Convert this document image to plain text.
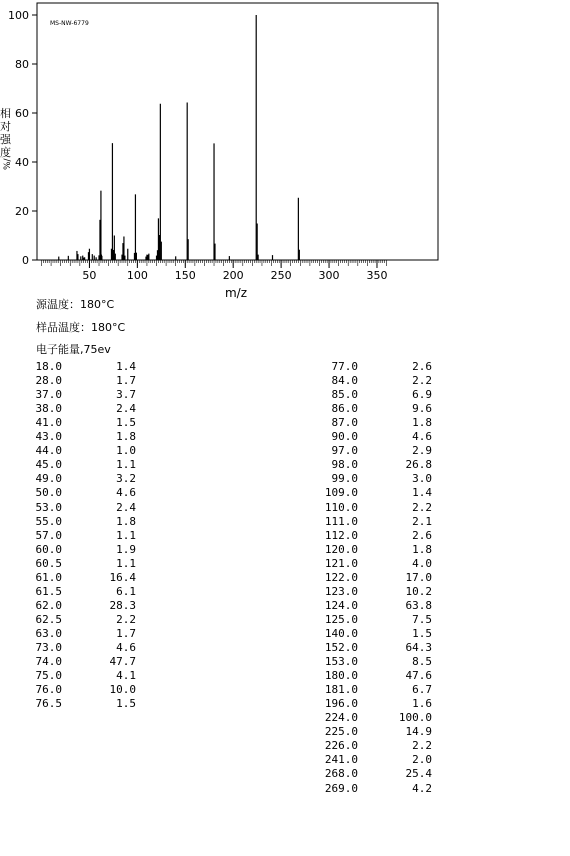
MS-NW-6779
0
20
40
60
80
100
50	100 150 200 250 300 350
相
对
强
度
%/
m/z
源温度：180°C
样品温度：180°C
电子能量,75ev
18.0	1.4
28.0	1.7
37.0	3.7
38.0	2.4
41.0	1.5
43.0	1.8
44.0	1.0
45.0	1.1
49.0	3.2
50.0	4.6
53.0	2.4
55.0	1.8
57.0	1.1
60.0	1.9
60.5	1.1
61.0	16.4
61.5	6.1
62.0	28.3
62.5	2.2
63.0	1.7
73.0	4.6
74.0	47.7
75.0	4.1
76.0	10.0
76.5	1.5
77.0	2.6
84.0	2.2
85.0	6.9
86.0	9.6
87.0	1.8
90.0	4.6
97.0	2.9
98.0	26.8
99.0	3.0
109.0	1.4
110.0	2.2
111.0	2.1
112.0	2.6
120.0	1.8
121.0	4.0
122.0	17.0
123.0	10.2
124.0	63.8
125.0	7.5
140.0	1.5
152.0	64.3
153.0	8.5
180.0	47.6
181.0	6.7
196.0	1.6
224.0	100.0
225.0	14.9
226.0	2.2
241.0	2.0
268.0	25.4
269.0	4.2
